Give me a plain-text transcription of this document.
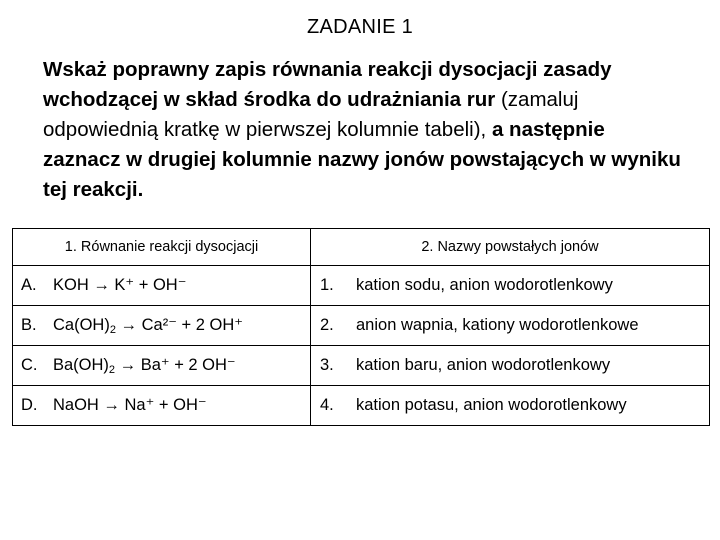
ZADANIE 1
Wskaż poprawny zapis równania reakcji dysocjacji zasady wchodzącej w skład środka do udrażniania rur (zamaluj odpowiednią kratkę w pierwszej kolumnie tabeli), a następnie zaznacz w drugiej kolumnie nazwy jonów powstających w wyniku tej reakcji.
1. Równanie reakcji dysocjacji	2. Nazwy powstałych jonów

A. KOH → K⁺ + OH⁻	1. kation sodu, anion wodorotlenkowy

B. $Ca(OH)_2 \to Ca^{2-} + 2$ OH⁺	2. anion wapnia, kationy wodorotlenkowe

C. $Ba(OH)_2 \to Ba^+ + 2$ OH⁻	3. kation baru, anion wodorotlenkowy

D. NaOH → Na⁺ + OH⁻	4. kation potasu, anion wodorotlenkowy
